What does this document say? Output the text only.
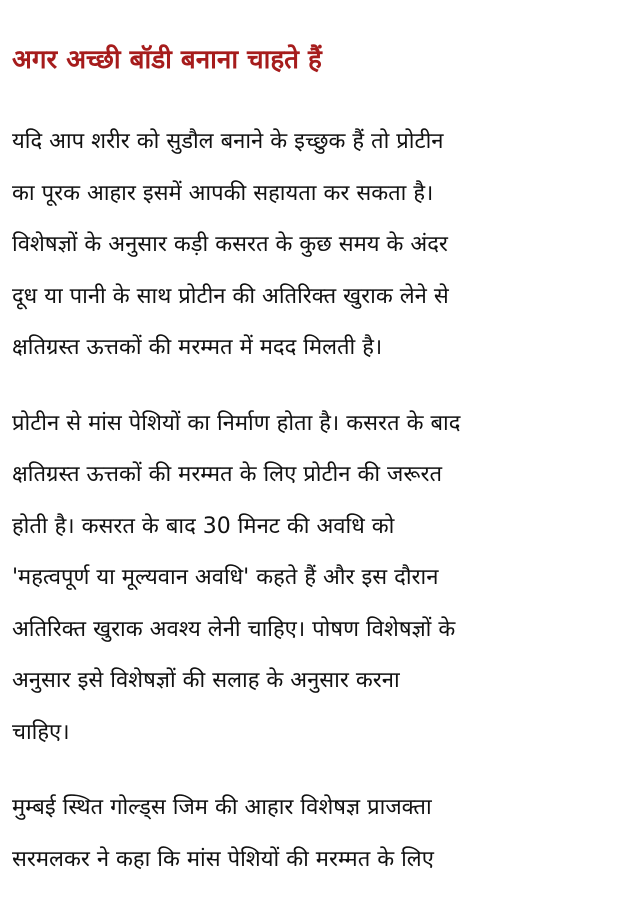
अगर अच्छी बॉडी बनाना चाहते हैं

यदि आप शरीर को सुडौल बनाने के इच्छुक हैं तो प्रोटीन
का पूरक आहार इसमें आपकी सहायता कर सकता है।
विशेषज्ञों के अनुसार कड़ी कसरत के कुछ समय के अंदर
दूध या पानी के साथ प्रोटीन की अतिरिक्त खुराक लेने से
क्षतिग्रस्त ऊत्तकों की मरम्मत में मदद मिलती है।

प्रोटीन से मांस पेशियों का निर्माण होता है। कसरत के बाद
क्षतिग्रस्त ऊत्तकों की मरम्मत के लिए प्रोटीन की जरूरत
होती है। कसरत के बाद 30 मिनट की अवधि को
'महत्वपूर्ण या मूल्यवान अवधि' कहते हैं और इस दौरान
अतिरिक्त खुराक अवश्य लेनी चाहिए। पोषण विशेषज्ञों के
अनुसार इसे विशेषज्ञों की सलाह के अनुसार करना
चाहिए।

मुम्बई स्थित गोल्ड्स जिम की आहार विशेषज्ञ प्राजक्ता
सरमलकर ने कहा कि मांस पेशियों की मरम्मत के लिए
